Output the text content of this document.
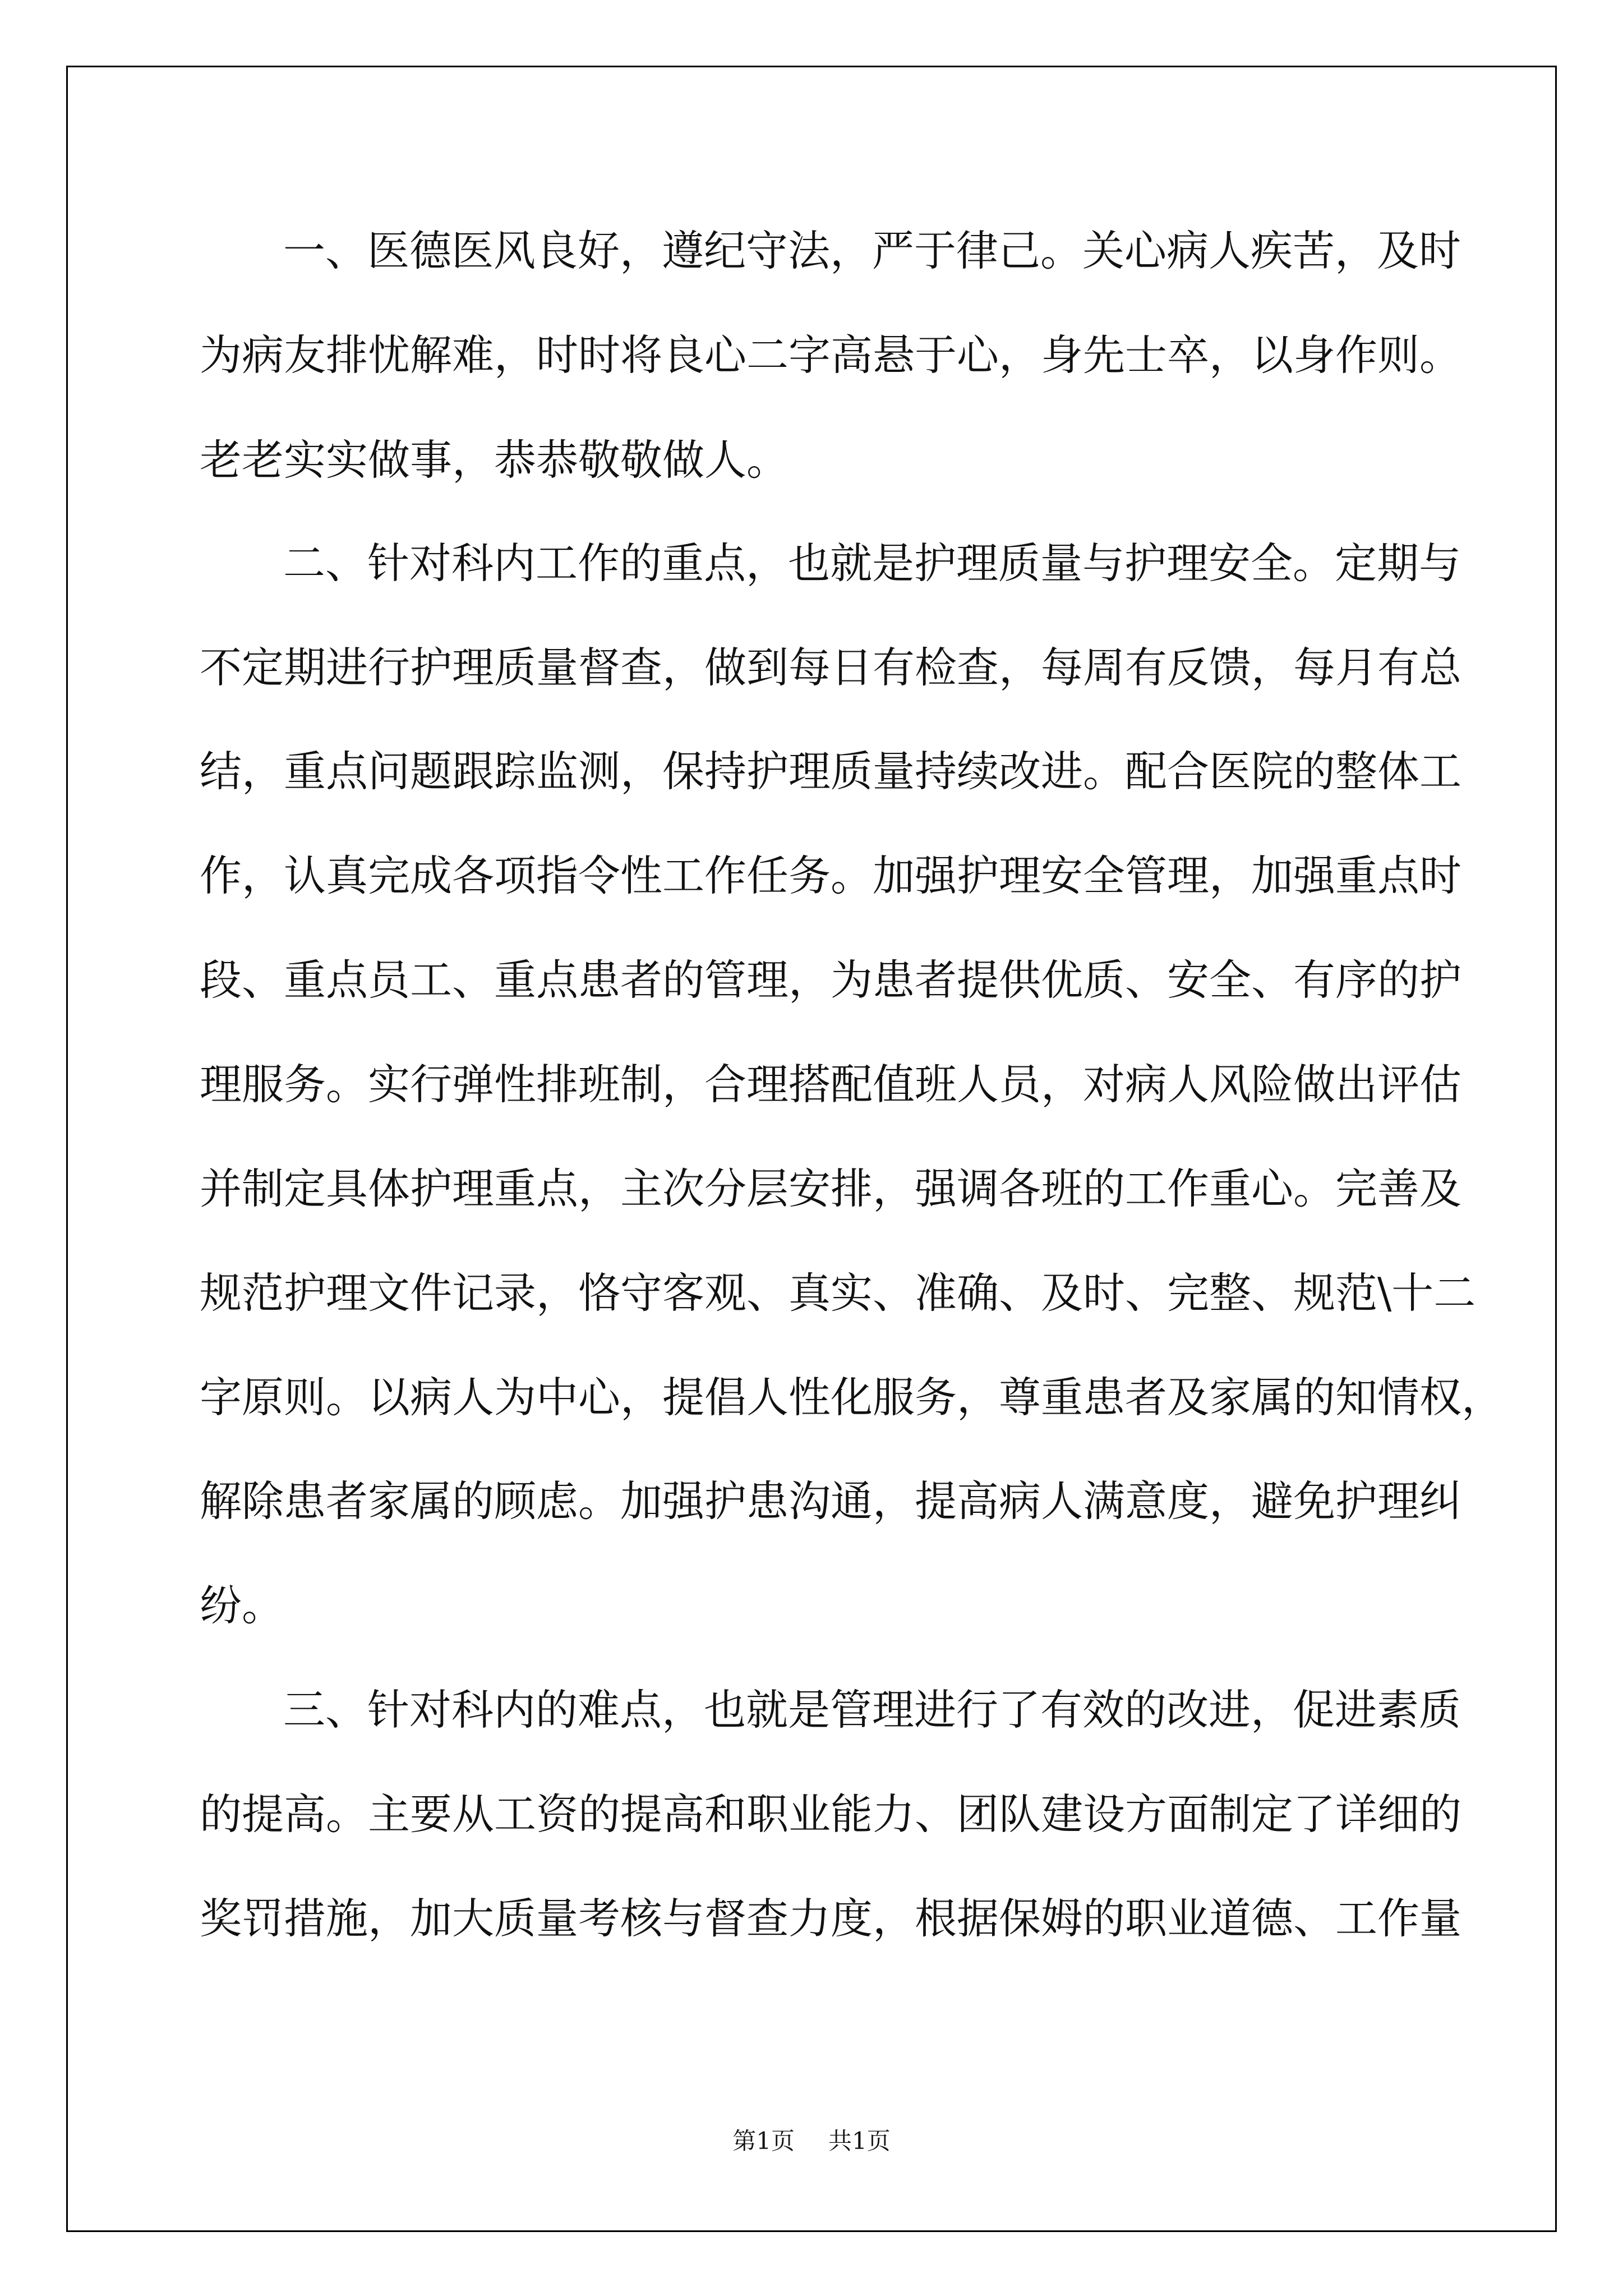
一、医德医风良好，遵纪守法，严于律己。关心病人疾苦，及时

为病友排忧解难，时时将良心二字高悬于心，身先士卒，以身作则。

老老实实做事，恭恭敬敬做人。

二、针对科内工作的重点，也就是护理质量与护理安全。定期与

不定期进行护理质量督查，做到每日有检查，每周有反馈，每月有总

结，重点问题跟踪监测，保持护理质量持续改进。配合医院的整体工

作，认真完成各项指令性工作任务。加强护理安全管理，加强重点时

段、重点员工、重点患者的管理，为患者提供优质、安全、有序的护

理服务。实行弹性排班制，合理搭配值班人员，对病人风险做出评估

并制定具体护理重点，主次分层安排，强调各班的工作重心。完善及

规范护理文件记录，恪守客观、真实、准确、及时、完整、规范\十二

字原则。以病人为中心，提倡人性化服务，尊重患者及家属的知情权，

解除患者家属的顾虑。加强护患沟通，提高病人满意度，避免护理纠

纷。

三、针对科内的难点，也就是管理进行了有效的改进，促进素质

的提高。主要从工资的提高和职业能力、团队建设方面制定了详细的

奖罚措施，加大质量考核与督查力度，根据保姆的职业道德、工作量

第1页 共1页
